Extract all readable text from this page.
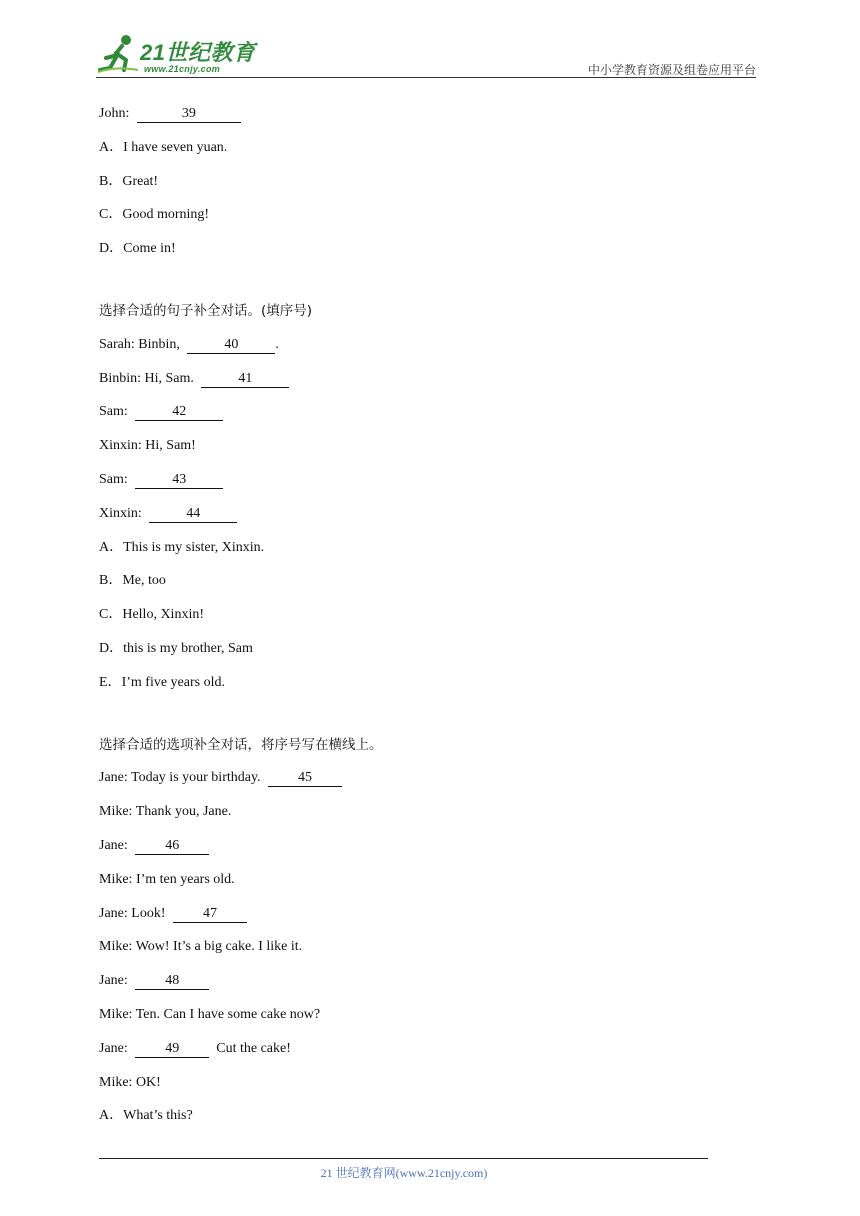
21世纪教育
www.21cnjy.com	中小学教育资源及组卷应用平台
John:	39
A．I have seven yuan.
B．Great!
C．Good morning!
D．Come in!
选择合适的句子补全对话。(填序号)
Sarah: Binbin,	40	.
Binbin: Hi, Sam.	41
Sam:	42
Xinxin: Hi, Sam!
Sam:	43
Xinxin:	44
A．This is my sister, Xinxin.
B．Me, too
C．Hello, Xinxin!
D．this is my brother, Sam
E．I’m five years old.
选择合适的选项补全对话，将序号写在横线上。
Jane: Today is your birthday.	45
Mike: Thank you, Jane.
Jane:	46
Mike: I’m ten years old.
Jane: Look!	47
Mike: Wow! It’s a big cake. I like it.
Jane:	48
Mike: Ten. Can I have some cake now?
Jane:	49	Cut the cake!
Mike: OK!
A．What’s this?
21 世纪教育网(www.21cnjy.com)
